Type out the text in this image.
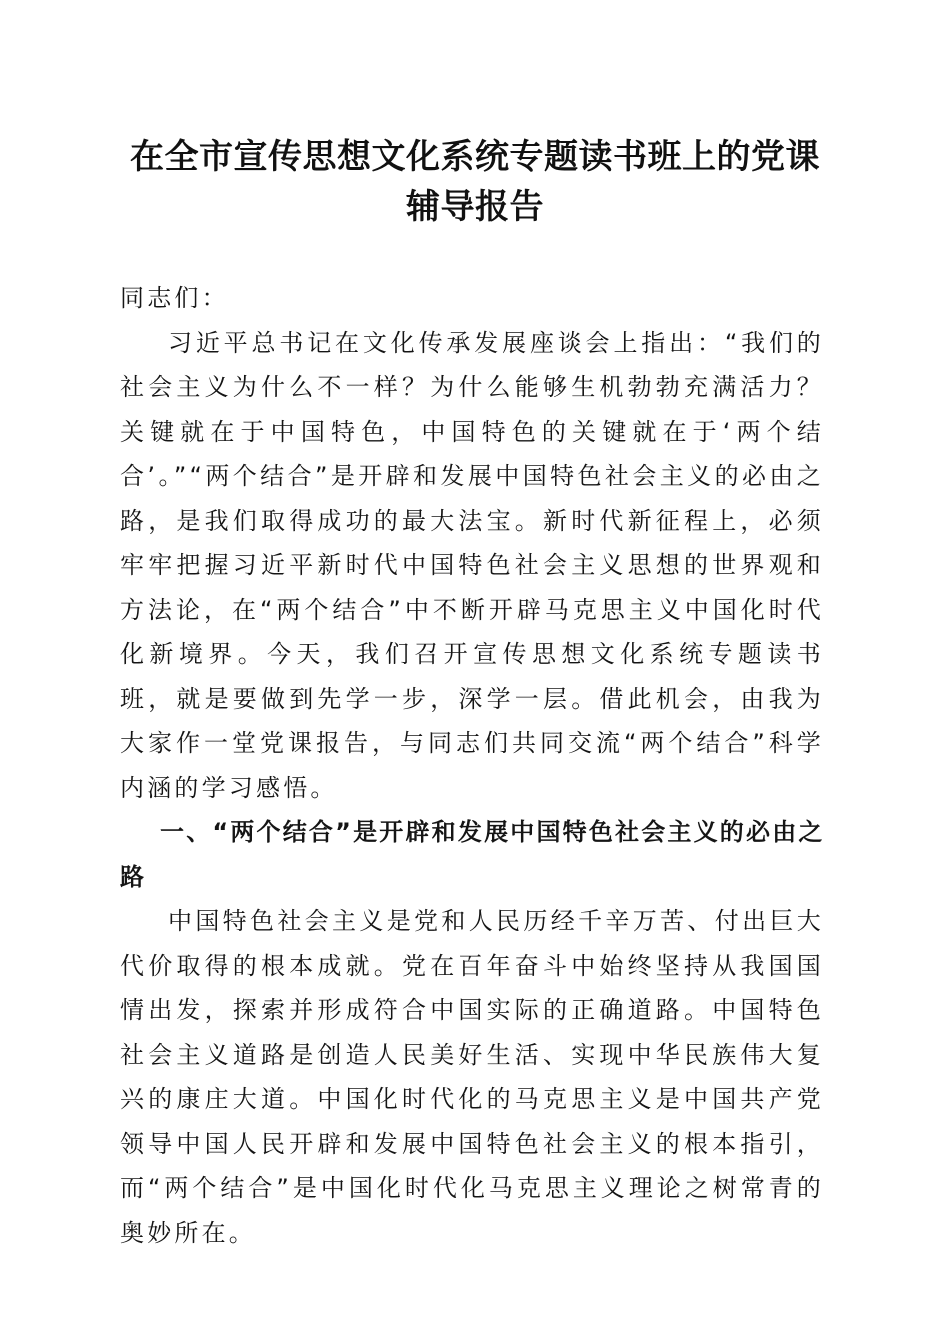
在全市宣传思想文化系统专题读书班上的党课
辅导报告

同志们：

习近平总书记在文化传承发展座谈会上指出：“我们的社会主义为什么不一样？为什么能够生机勃勃充满活力？关键就在于中国特色，中国特色的关键就在于‘两个结合’。”“两个结合”是开辟和发展中国特色社会主义的必由之路，是我们取得成功的最大法宝。新时代新征程上，必须牢牢把握习近平新时代中国特色社会主义思想的世界观和方法论，在“两个结合”中不断开辟马克思主义中国化时代化新境界。今天，我们召开宣传思想文化系统专题读书班，就是要做到先学一步，深学一层。借此机会，由我为大家作一堂党课报告，与同志们共同交流“两个结合”科学内涵的学习感悟。

一、“两个结合”是开辟和发展中国特色社会主义的必由之路

中国特色社会主义是党和人民历经千辛万苦、付出巨大代价取得的根本成就。党在百年奋斗中始终坚持从我国国情出发，探索并形成符合中国实际的正确道路。中国特色社会主义道路是创造人民美好生活、实现中华民族伟大复兴的康庄大道。中国化时代化的马克思主义是中国共产党领导中国人民开辟和发展中国特色社会主义的根本指引，而“两个结合”是中国化时代化马克思主义理论之树常青的奥妙所在。
